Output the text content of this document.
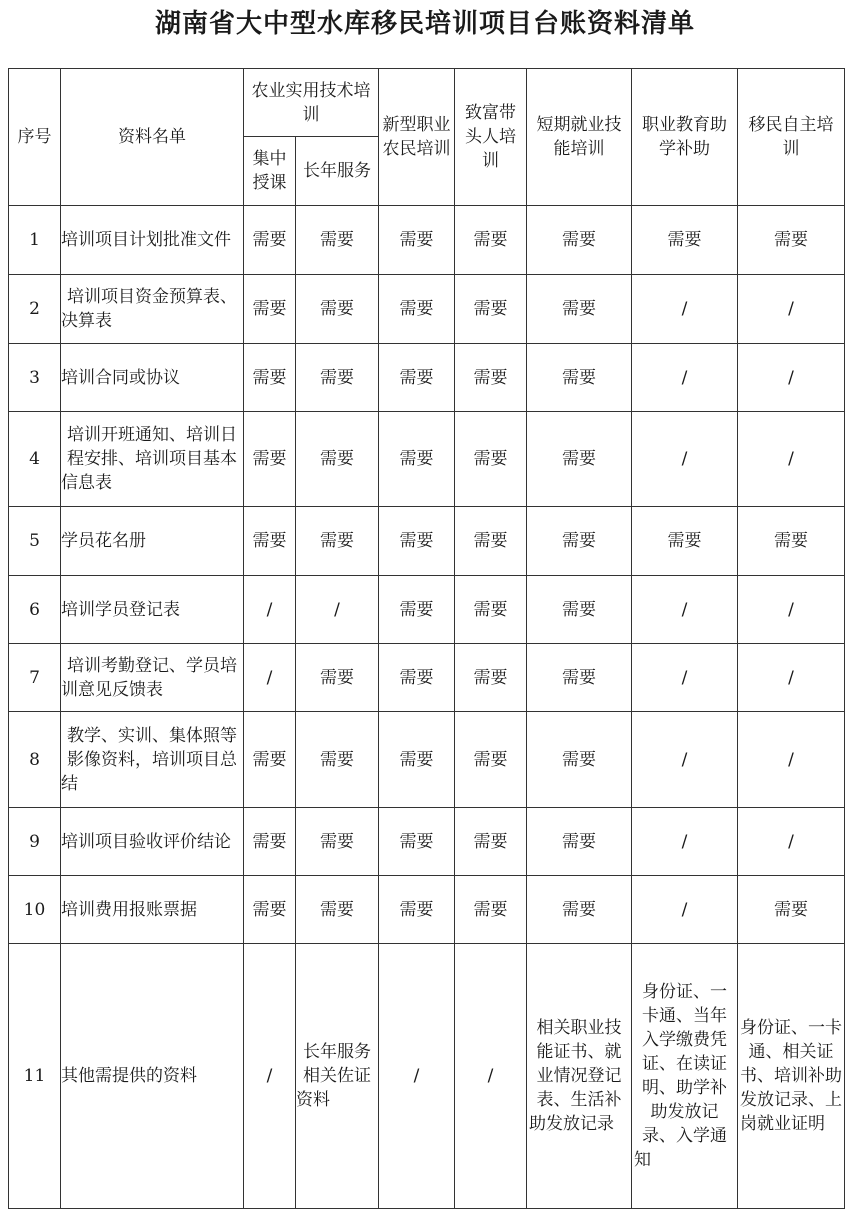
湖南省大中型水库移民培训项目台账资料清单
序号	资料名单	农业实用技术培训		新型职业农民培训	致富带头人培训	短期就业技能培训	职业教育助学补助	移民自主培训
		集中授课	长年服务					
1	培训项目计划批准文件	需要	需要	需要	需要	需要	需要	需要
2	培训项目资金预算表、决算表	需要	需要	需要	需要	需要	/	/
3	培训合同或协议	需要	需要	需要	需要	需要	/	/
4	培训开班通知、培训日程安排、培训项目基本信息表	需要	需要	需要	需要	需要	/	/
5	学员花名册	需要	需要	需要	需要	需要	需要	需要
6	培训学员登记表	/	/	需要	需要	需要	/	/
7	培训考勤登记、学员培训意见反馈表	/	需要	需要	需要	需要	/	/
8	教学、实训、集体照等影像资料，培训项目总结	需要	需要	需要	需要	需要	/	/
9	培训项目验收评价结论	需要	需要	需要	需要	需要	/	/
10	培训费用报账票据	需要	需要	需要	需要	需要	/	需要
11	其他需提供的资料	/	长年服务相关佐证资料	/	/	相关职业技能证书、就业情况登记表、生活补助发放记录	身份证、一卡通、当年入学缴费凭证、在读证明、助学补助发放记录、入学通知	身份证、一卡通、相关证书、培训补助发放记录、上岗就业证明
